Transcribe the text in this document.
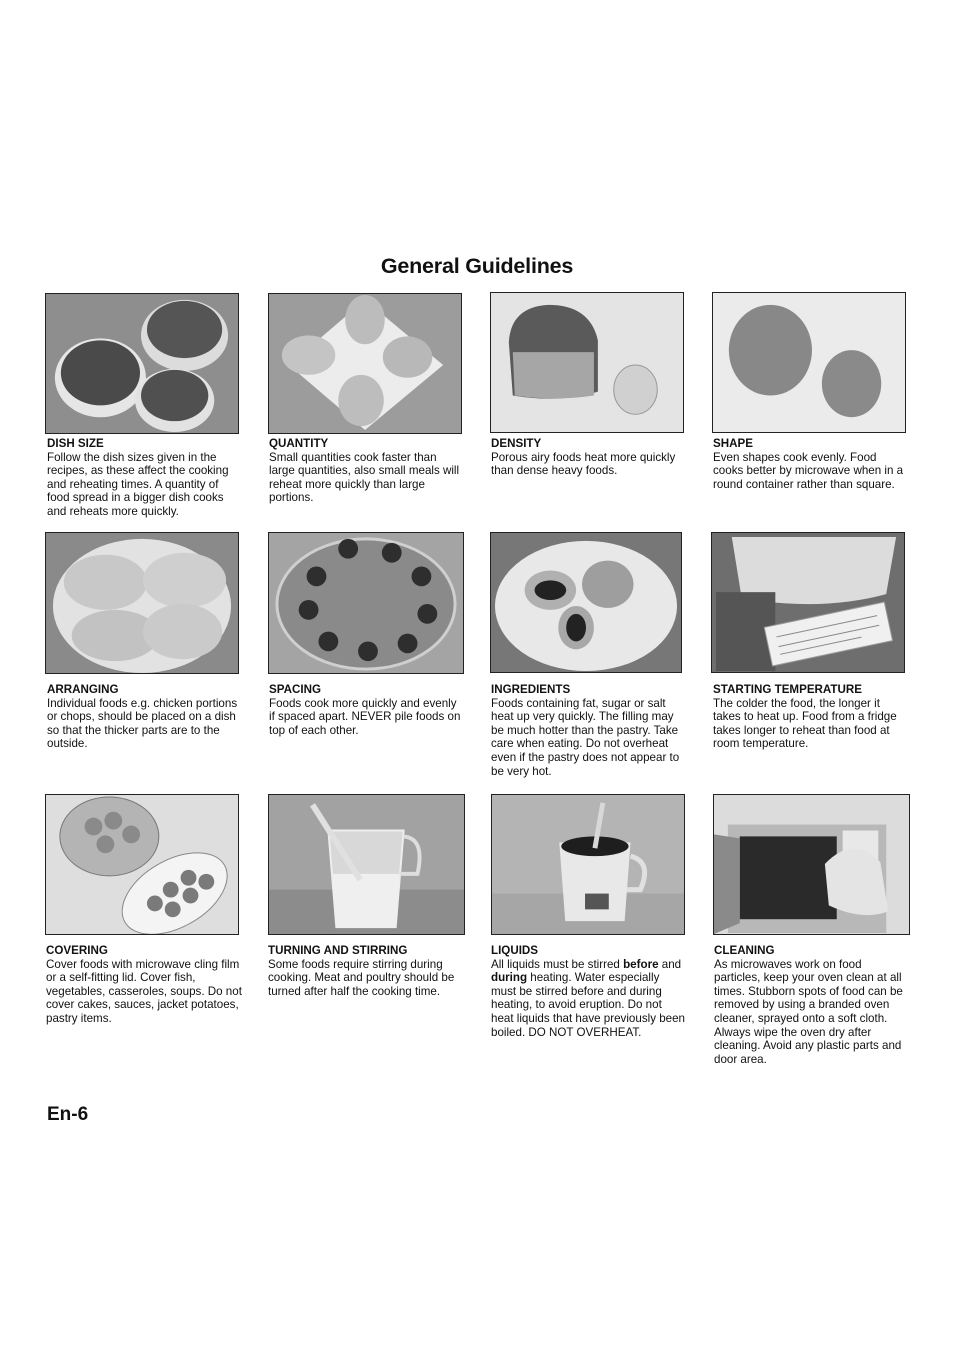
General Guidelines
DISH SIZE
Follow the dish sizes given in the recipes, as these affect the cooking and reheating times. A quantity of food spread in a bigger dish cooks and reheats more quickly.
QUANTITY
Small quantities cook faster than large quantities, also small meals will reheat more quickly than large portions.
DENSITY
Porous airy foods heat more quickly than dense heavy foods.
SHAPE
Even shapes cook evenly. Food cooks better by microwave when in a round container rather than square.
ARRANGING
Individual foods e.g. chicken portions or chops, should be placed on a dish so that the thicker parts are to the outside.
SPACING
Foods cook more quickly and evenly if spaced apart. NEVER pile foods on top of each other.
INGREDIENTS
Foods containing fat, sugar or salt heat up very quickly. The filling may be much hotter than the pastry. Take care when eating. Do not overheat even if the pastry does not appear to be very hot.
STARTING TEMPERATURE
The colder the food, the longer it takes to heat up. Food from a fridge takes longer to reheat than food at room temperature.
COVERING
Cover foods with microwave cling film or a self-fitting lid. Cover fish, vegetables, casseroles, soups. Do not cover cakes, sauces, jacket potatoes, pastry items.
TURNING AND STIRRING
Some foods require stirring during cooking. Meat and poultry should be turned after half the cooking time.
LIQUIDS
All liquids must be stirred before and during heating. Water especially must be stirred before and during heating, to avoid eruption. Do not heat liquids that have previously been boiled. DO NOT OVERHEAT.
CLEANING
As microwaves work on food particles, keep your oven clean at all times. Stubborn spots of food can be removed by using a branded oven cleaner, sprayed onto a soft cloth. Always wipe the oven dry after cleaning. Avoid any plastic parts and door area.
En-6
